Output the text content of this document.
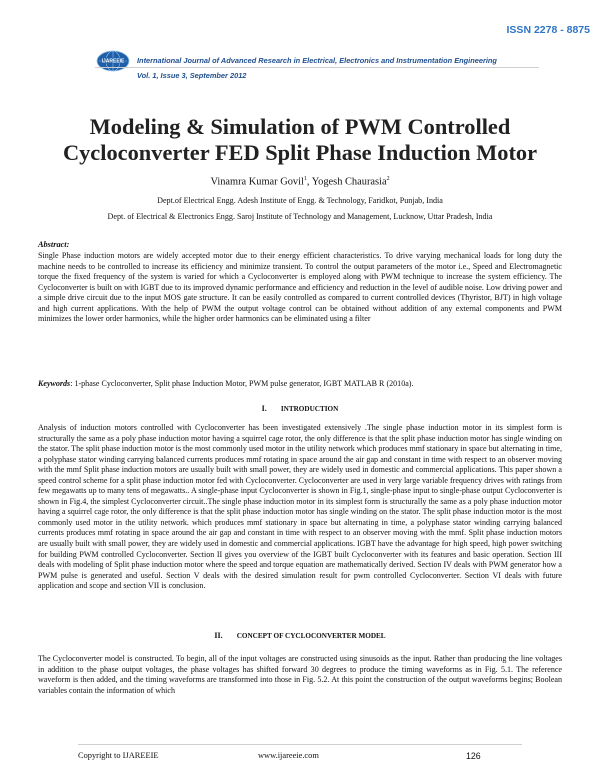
ISSN 2278 - 8875
IJAREEIE International Journal of Advanced Research in Electrical, Electronics and Instrumentation Engineering
Vol. 1, Issue 3, September 2012
Modeling & Simulation of PWM Controlled
Cycloconverter FED Split Phase Induction Motor
Vinamra Kumar Govil$^1$, Yogesh Chaurasia$^2$
Dept.of Electrical Engg. Adesh Institute of Engg. & Technology, Faridkot, Punjab, India
Dept. of Electrical & Electronics Engg. Saroj Institute of Technology and Management, Lucknow, Uttar Pradesh, India
Abstract:
Single Phase induction motors are widely accepted motor due to their energy efficient characteristics. To drive varying mechanical loads for long duty the machine needs to be controlled to increase its efficiency and minimize transient. To control the output parameters of the motor i.e., Speed and Electromagnetic torque the fixed frequency of the system is varied for which a Cycloconverter is employed along with PWM technique to increase the system efficiency. The Cycloconverter is built on with IGBT due to its improved dynamic performance and efficiency and reduction in the level of audible noise. Low driving power and a simple drive circuit due to the input MOS gate structure. It can be easily controlled as compared to current controlled devices (Thyristor, BJT) in high voltage and high current applications. With the help of PWM the output voltage control can be obtained without addition of any external components and PWM minimizes the lower order harmonics, while the higher order harmonics can be eliminated using a filter
Keywords: 1-phase Cycloconverter, Split phase Induction Motor, PWM pulse generator, IGBT MATLAB R (2010a).
I. INTRODUCTION
Analysis of induction motors controlled with Cycloconverter has been investigated extensively .The single phase induction motor in its simplest form is structurally the same as a poly phase induction motor having a squirrel cage rotor, the only difference is that the split phase induction motor has single winding on the stator. The split phase induction motor is the most commonly used motor in the utility network which produces mmf stationary in space but alternating in time, a polyphase stator winding carrying balanced currents produces mmf rotating in space around the air gap and constant in time with respect to an observer moving with the mmf Split phase induction motors are usually built with small power, they are widely used in domestic and commercial applications. This paper shown a speed control scheme for a split phase induction motor fed with Cycloconverter. Cycloconverter are used in very large variable frequency drives with ratings from few megawatts up to many tens of megawatts.. A single-phase input Cycloconverter is shown in Fig.1, single-phase input to single-phase output Cycloconverter is shown in Fig.4, the simplest Cycloconverter circuit..The single phase induction motor in its simplest form is structurally the same as a poly phase induction motor having a squirrel cage rotor, the only difference is that the split phase induction motor has single winding on the stator. The split phase induction motor is the most commonly used motor in the utility network. which produces mmf stationary in space but alternating in time, a polyphase stator winding carrying balanced currents produces mmf rotating in space around the air gap and constant in time with respect to an observer moving with the mmf. Split phase induction motors are usually built with small power, they are widely used in domestic and commercial applications. IGBT have the advantage for high speed, high power switching for building PWM controlled Cycloconverter. Section II gives you overview of the IGBT built Cycloconverter with its features and basic operation. Section III deals with modeling of Split phase induction motor where the speed and torque equation are mathematically derived. Section IV deals with PWM generator how a PWM pulse is generated and useful. Section V deals with the desired simulation result for pwm controlled Cycloconverter. Section VI deals with future application and scope and section VII is conclusion.
II. CONCEPT OF CYCLOCONVERTER MODEL
The Cycloconverter model is constructed. To begin, all of the input voltages are constructed using sinusoids as the input. Rather than producing the line voltages in addition to the phase output voltages, the phase voltages has shifted forward 30 degrees to produce the timing waveforms as in Fig. 5.1. The reference waveform is then added, and the timing waveforms are transformed into those in Fig. 5.2. At this point the construction of the output waveforms begins; Boolean variables contain the information of which
Copyright to IJAREEIE	www.ijareeie.com	126
